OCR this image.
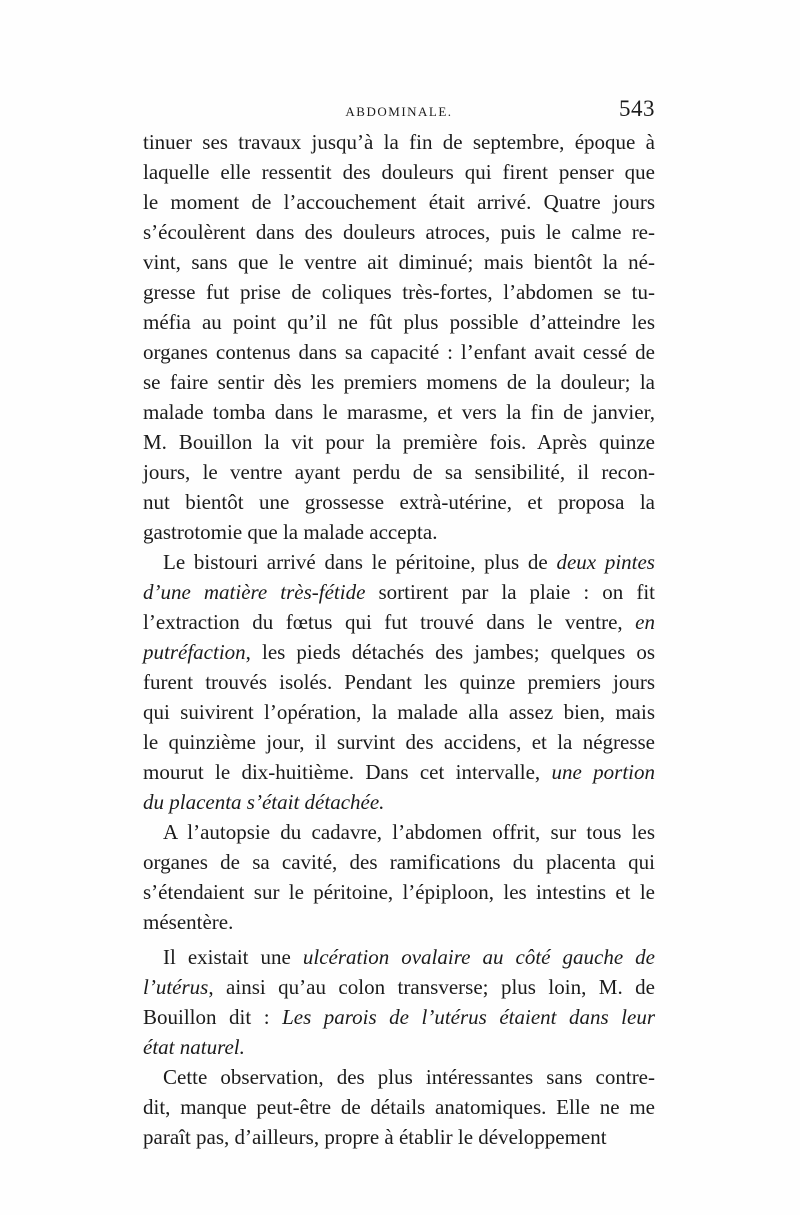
ABDOMINALE.	543
tinuer ses travaux jusqu’à la fin de septembre, époque à
laquelle elle ressentit des douleurs qui firent penser que
le moment de l’accouchement était arrivé. Quatre jours
s’écoulèrent dans des douleurs atroces, puis le calme re-
vint, sans que le ventre ait diminué; mais bientôt la né-
gresse fut prise de coliques très-fortes, l’abdomen se tu-
méfia au point qu’il ne fût plus possible d’atteindre les
organes contenus dans sa capacité : l’enfant avait cessé de
se faire sentir dès les premiers momens de la douleur; la
malade tomba dans le marasme, et vers la fin de janvier,
M. Bouillon la vit pour la première fois. Après quinze
jours, le ventre ayant perdu de sa sensibilité, il recon-
nut bientôt une grossesse extrà-utérine, et proposa la
gastrotomie que la malade accepta.
Le bistouri arrivé dans le péritoine, plus de deux pintes
d’une matière très-fétide sortirent par la plaie : on fit
l’extraction du fœtus qui fut trouvé dans le ventre, en
putréfaction, les pieds détachés des jambes; quelques os
furent trouvés isolés. Pendant les quinze premiers jours
qui suivirent l’opération, la malade alla assez bien, mais
le quinzième jour, il survint des accidens, et la négresse
mourut le dix-huitième. Dans cet intervalle, une portion
du placenta s’était détachée.
A l’autopsie du cadavre, l’abdomen offrit, sur tous les
organes de sa cavité, des ramifications du placenta qui
s’étendaient sur le péritoine, l’épiploon, les intestins et le
mésentère.
Il existait une ulcération ovalaire au côté gauche de
l’utérus, ainsi qu’au colon transverse; plus loin, M. de
Bouillon dit : Les parois de l’utérus étaient dans leur
état naturel.
Cette observation, des plus intéressantes sans contre-
dit, manque peut-être de détails anatomiques. Elle ne me
paraît pas, d’ailleurs, propre à établir le développement
